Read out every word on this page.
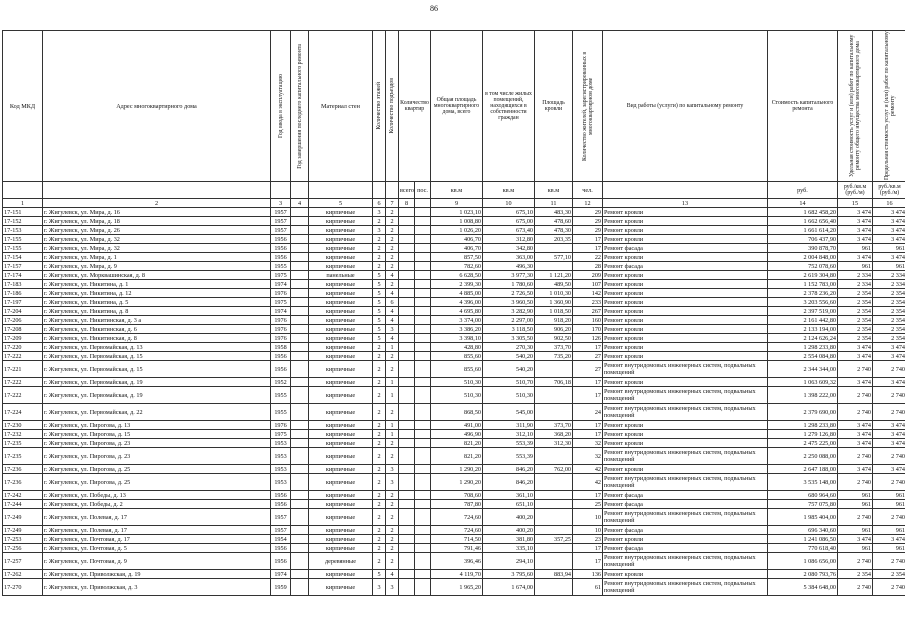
86
Код МКД	Адрес многоквартирного дома	Год ввода в эксплуатацию	Год завершения последнего капитального ремонта	Материал стен	Количество этажей	Количество подъездов	Количество квартир		Общая площадь многоквартирного дома, всего	в том числе жилых помещений, находящихся в собственности граждан	Площадь кровли	Количество жителей, зарегистрированных в многоквартирном доме	Вид работы (услуги) по капитальному ремонту	Стоимость капитального ремонта	Удельная стоимость услуг и (или) работ по капитальному ремонту общего имущества многоквартирного дома	Предельная стоимость услуг и (или) работ по капитальному ремонту

							всего	пос.	кв.м	кв.м	кв.м	чел.		руб.	руб./кв.м (руб./м)	руб./кв.м (руб./м)
1	2	3	4	5	6	7	8		9	10	11	12	13	14	15	16
17-151	г. Жигулевск, ул. Мира, д. 16	1957		кирпичные	3	2			1 023,10	675,10	483,30	29	Ремонт кровли	1 682 458,20	3 474	3 474
17-152	г. Жигулевск, ул. Мира, д. 18	1957		кирпичные	2	2			1 008,80	675,00	478,60	29	Ремонт кровли	1 662 656,40	3 474	3 474
17-153	г. Жигулевск, ул. Мира, д. 26	1957		кирпичные	3	2			1 026,20	673,40	478,30	29	Ремонт кровли	1 661 614,20	3 474	3 474
17-155	г. Жигулевск, ул. Мира, д. 32	1956		кирпичные	2	2			406,70	312,80	203,35	17	Ремонт кровли	706 437,90	3 474	3 474
17-155	г. Жигулевск, ул. Мира, д. 32	1956		кирпичные	2	2			406,70	342,80		17	Ремонт фасада	390 878,70	961	961
17-154	г. Жигулевск, ул. Мира, д. 1	1956		кирпичные	2	2			857,50	363,00	577,10	22	Ремонт кровли	2 004 848,00	3 474	3 474
17-157	г. Жигулевск, ул. Мира, д. 9	1955		кирпичные	2	2			782,60	496,30		28	Ремонт фасада	752 078,60	961	961
17-174	г. Жигулевск, ул. Морквашинская, д. 8	1975		панельные	5	4			6 628,50	3 977,30	1 121,20	209	Ремонт кровли	2 619 304,80	2 334	2 334
17-183	г. Жигулевск, ул. Никитина, д. 1	1974		кирпичные	5	2			2 399,30	1 780,60	489,50	107	Ремонт кровли	1 152 783,00	2 334	2 334
17-186	г. Жигулевск, ул. Никитина, д. 12	1976		кирпичные	5	4			4 885,00	2 726,50	1 010,30	142	Ремонт кровли	2 378 236,20	2 354	2 354
17-197	г. Жигулевск, ул. Никитина, д. 5	1975		кирпичные	5	6			4 396,00	3 960,50	1 360,90	233	Ремонт кровли	3 203 556,60	2 354	2 354
17-204	г. Жигулевск, ул. Никитина, д. 8	1974		кирпичные	5	4			4 695,80	3 282,90	1 018,50	267	Ремонт кровли	2 397 519,00	2 354	2 354
17-206	г. Жигулевск, ул. Никитинская, д. 3 а	1976		кирпичные	5	4			3 374,00	2 297,00	918,20	160	Ремонт кровли	2 161 442,80	2 354	2 354
17-208	г. Жигулевск, ул. Никитинская, д. 6	1976		кирпичные	5	3			3 386,20	3 118,50	906,20	170	Ремонт кровли	2 133 194,00	2 354	2 354
17-209	г. Жигулевск, ул. Никитинская, д. 8	1976		кирпичные	5	4			3 398,10	3 305,50	902,50	126	Ремонт кровли	2 124 626,24	2 354	2 354
17-220	г. Жигулевск, ул. Первомайская, д. 13	1958		кирпичные	2	1			428,80	270,30	373,70	17	Ремонт кровли	1 298 233,80	3 474	3 474
17-222	г. Жигулевск, ул. Первомайская, д. 15	1956		кирпичные	2	2			855,60	540,20	735,20	27	Ремонт кровли	2 554 084,80	3 474	3 474
17-221	г. Жигулевск, ул. Первомайская, д. 15	1956		кирпичные	2	2			855,60	540,20		27	Ремонт внутридомовых инженерных систем, подвальных помещений	2 344 344,00	2 740	2 740
17-222	г. Жигулевск, ул. Первомайская, д. 19	1952		кирпичные	2	1			510,30	510,70	706,18	17	Ремонт кровли	1 063 609,32	3 474	3 474
17-222	г. Жигулевск, ул. Первомайская, д. 19	1955		кирпичные	2	1			510,30	510,30		17	Ремонт внутридомовых инженерных систем, подвальных помещений	1 398 222,00	2 740	2 740
17-224	г. Жигулевск, ул. Первомайская, д. 22	1955		кирпичные	2	2			868,50	545,00		24	Ремонт внутридомовых инженерных систем, подвальных помещений	2 379 690,00	2 740	2 740
17-230	г. Жигулевск, ул. Пирогова, д. 13	1976		кирпичные	2	1			491,00	311,90	373,70	17	Ремонт кровли	1 298 233,80	3 474	3 474
17-232	г. Жигулевск, ул. Пирогова, д. 15	1975		кирпичные	2	1			496,90	312,10	368,20	17	Ремонт кровли	1 279 126,80	3 474	3 474
17-235	г. Жигулевск, ул. Пирогова, д. 23	1953		кирпичные	2	2			821,20	553,39	312,30	32	Ремонт кровли	2 475 225,00	3 474	3 474
17-235	г. Жигулевск, ул. Пирогова, д. 23	1953		кирпичные	2	2			821,20	553,39		32	Ремонт внутридомовых инженерных систем, подвальных помещений	2 250 088,00	2 740	2 740
17-236	г. Жигулевск, ул. Пирогова, д. 25	1953		кирпичные	2	3			1 290,20	846,20	762,00	42	Ремонт кровли	2 647 188,00	3 474	3 474
17-236	г. Жигулевск, ул. Пирогова, д. 25	1953		кирпичные	2	3			1 290,20	846,20		42	Ремонт внутридомовых инженерных систем, подвальных помещений	3 535 148,00	2 740	2 740
17-242	г. Жигулевск, ул. Победы, д. 13	1956		кирпичные	2	2			708,60	361,10		17	Ремонт фасада	680 964,60	961	961
17-244	г. Жигулевск, ул. Победы, д. 2	1956		кирпичные	2	2			787,80	651,10		25	Ремонт фасада	757 075,80	961	961
17-249	г. Жигулевск, ул. Полевая, д. 17	1957		кирпичные	2	2			724,60	400,20		10	Ремонт внутридомовых инженерных систем, подвальных помещений	1 985 404,00	2 740	2 740
17-249	г. Жигулевск, ул. Полевая, д. 17	1957		кирпичные	2	2			724,60	400,20		10	Ремонт фасада	696 340,60	961	961
17-253	г. Жигулевск, ул. Почтовая, д. 17	1954		кирпичные	2	2			714,50	381,80	357,25	23	Ремонт кровли	1 241 086,50	3 474	3 474
17-256	г. Жигулевск, ул. Почтовая, д. 5	1956		кирпичные	2	2			791,46	335,10		17	Ремонт фасада	770 618,40	961	961
17-257	г. Жигулевск, ул. Почтовая, д. 9	1956		деревянные	2	2			396,46	294,10		17	Ремонт внутридомовых инженерных систем, подвальных помещений	1 086 656,00	2 740	2 740
17-262	г. Жигулевск, ул. Приволжская, д. 19	1974		кирпичные	5	4			4 119,70	3 795,60	883,94	136	Ремонт кровли	2 080 793,76	2 354	2 354
17-270	г. Жигулевск, ул. Приволжская, д. 3	1959		кирпичные	3	3			1 965,20	1 674,00		61	Ремонт внутридомовых инженерных систем, подвальных помещений	5 384 648,00	2 740	2 740
